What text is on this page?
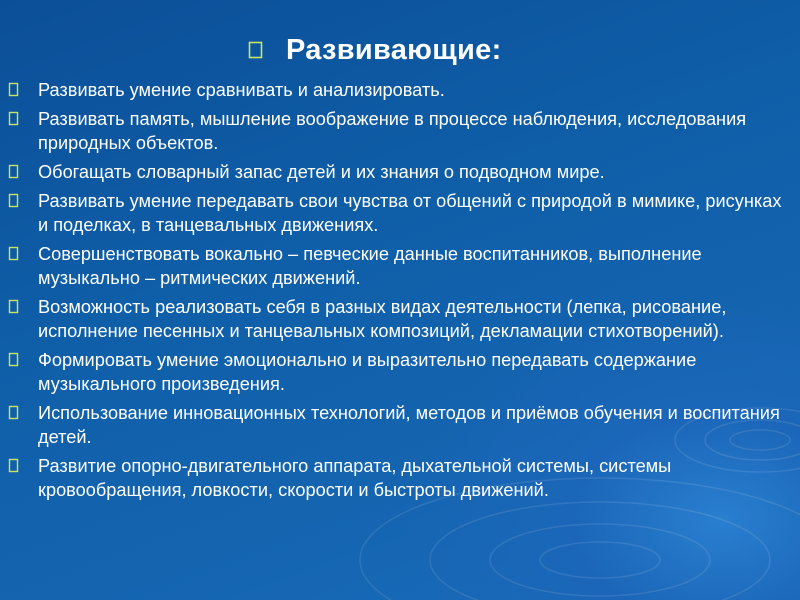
Развивающие:
Развивать умение сравнивать и анализировать.
Развивать память, мышление воображение в процессе наблюдения, исследования природных объектов.
Обогащать словарный запас детей и их знания о подводном мире.
Развивать умение передавать свои чувства от общений с природой в мимике, рисунках и поделках, в танцевальных движениях.
Совершенствовать вокально – певческие данные воспитанников, выполнение музыкально – ритмических движений.
Возможность реализовать себя в разных видах деятельности (лепка, рисование, исполнение песенных и танцевальных композиций, декламации стихотворений).
Формировать умение эмоционально и выразительно передавать содержание музыкального произведения.
Использование инновационных технологий, методов и приёмов обучения и воспитания детей.
Развитие опорно-двигательного аппарата, дыхательной системы, системы кровообращения, ловкости, скорости и быстроты движений.
